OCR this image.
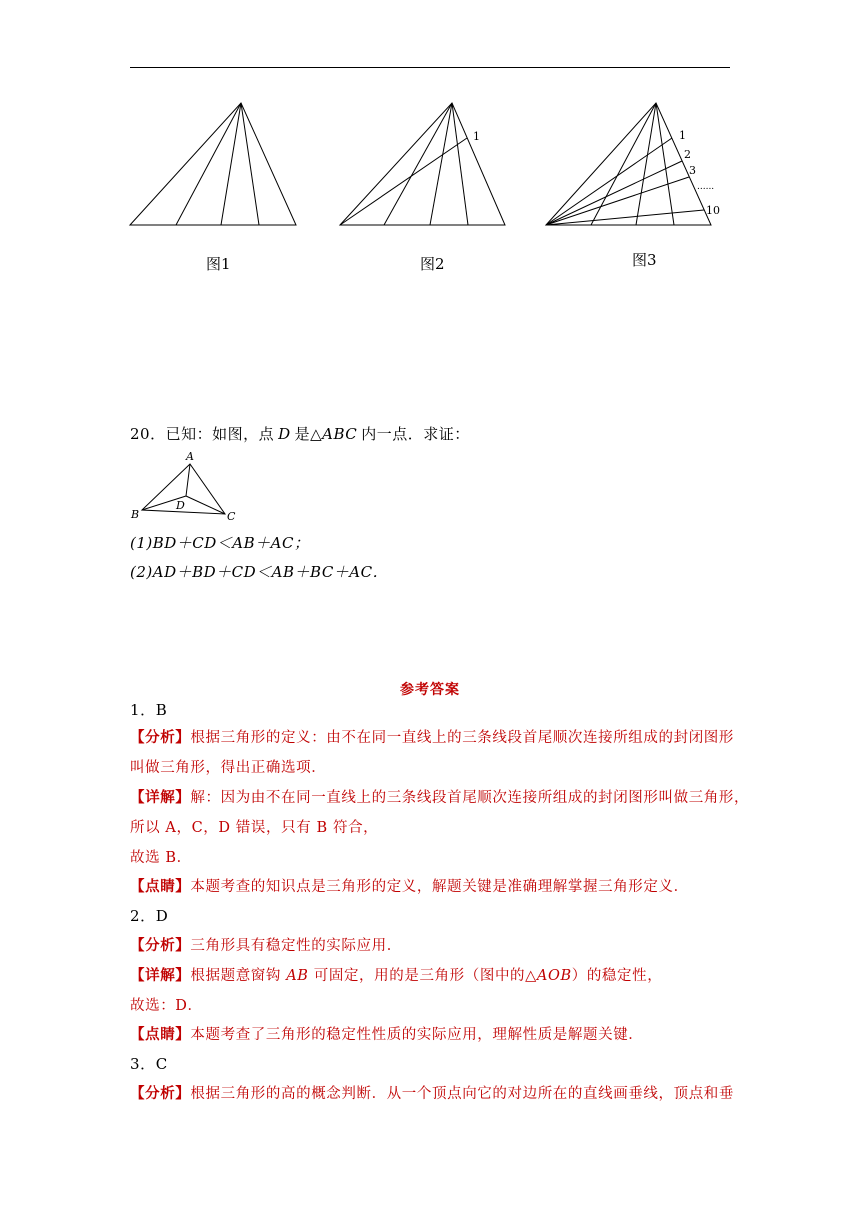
图1
1
图2
1
2
3
......
10
图3
20．已知：如图，点 D 是△ABC 内一点．求证：
A
B	C
D
(1)BD＋CD＜AB＋AC；
(2)AD＋BD＋CD＜AB＋BC＋AC．
参考答案
1．B
【分析】根据三角形的定义：由不在同一直线上的三条线段首尾顺次连接所组成的封闭图形
叫做三角形，得出正确选项．
【详解】解：因为由不在同一直线上的三条线段首尾顺次连接所组成的封闭图形叫做三角形，
所以 A，C，D 错误，只有 B 符合，
故选 B．
【点睛】本题考查的知识点是三角形的定义，解题关键是准确理解掌握三角形定义．
2．D
【分析】三角形具有稳定性的实际应用．
【详解】根据题意窗钩 AB 可固定，用的是三角形（图中的△AOB）的稳定性，
故选：D．
【点睛】本题考查了三角形的稳定性性质的实际应用，理解性质是解题关键．
3．C
【分析】根据三角形的高的概念判断．从一个顶点向它的对边所在的直线画垂线，顶点和垂
